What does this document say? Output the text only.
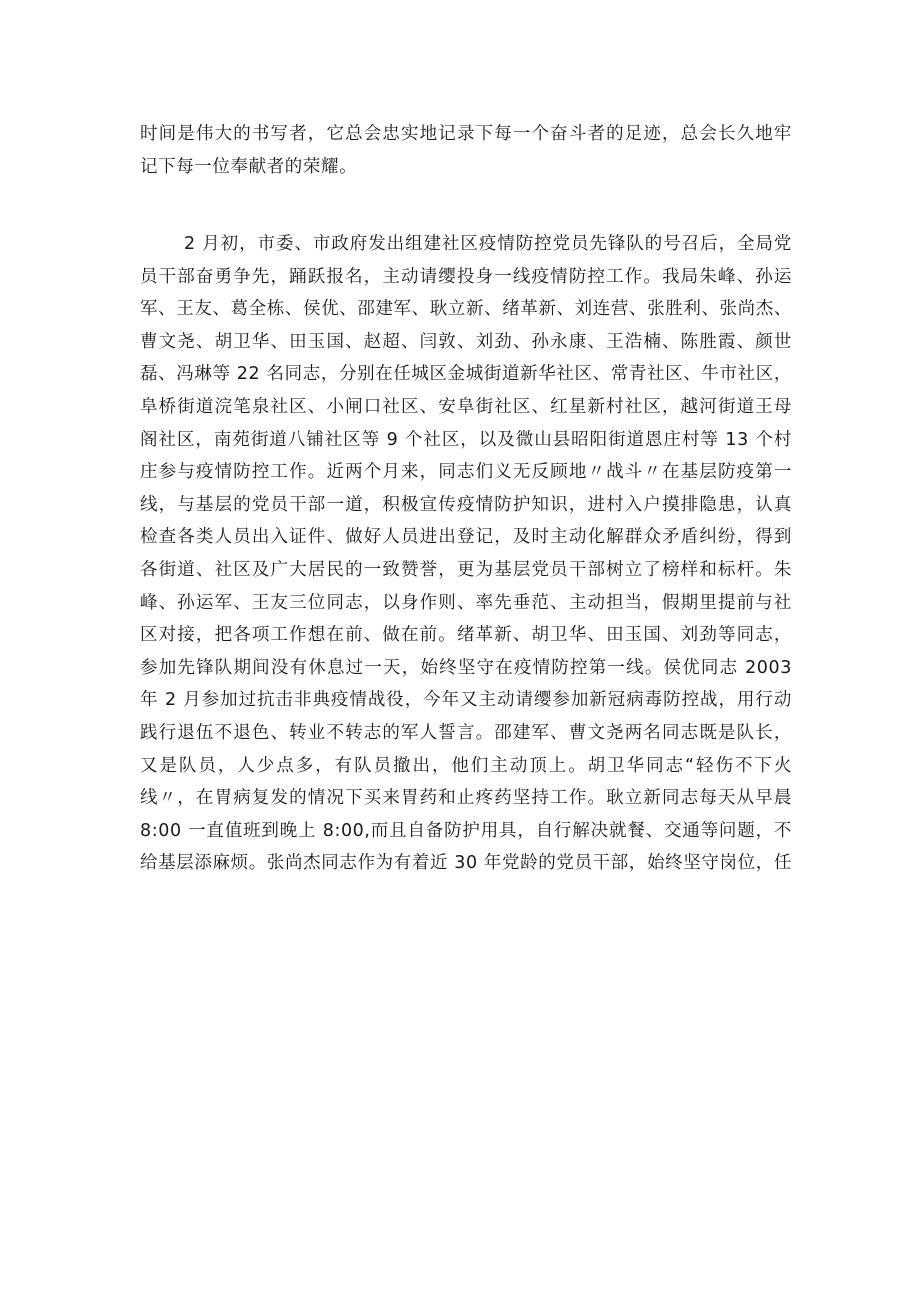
时间是伟大的书写者，它总会忠实地记录下每一个奋斗者的足迹，总会长久地牢
记下每一位奉献者的荣耀。
2 月初，市委、市政府发出组建社区疫情防控党员先锋队的号召后，全局党
员干部奋勇争先，踊跃报名，主动请缨投身一线疫情防控工作。我局朱峰、孙运
军、王友、葛全栋、侯优、邵建军、耿立新、绪革新、刘连营、张胜利、张尚杰、
曹文尧、胡卫华、田玉国、赵超、闫敦、刘劲、孙永康、王浩楠、陈胜霞、颜世
磊、冯琳等 22 名同志，分别在任城区金城街道新华社区、常青社区、牛市社区，
阜桥街道浣笔泉社区、小闸口社区、安阜街社区、红星新村社区，越河街道王母
阁社区，南苑街道八铺社区等 9 个社区，以及微山县昭阳街道恩庄村等 13 个村
庄参与疫情防控工作。近两个月来，同志们义无反顾地〃战斗〃在基层防疫第一
线，与基层的党员干部一道，积极宣传疫情防护知识，进村入户摸排隐患，认真
检查各类人员出入证件、做好人员进出登记，及时主动化解群众矛盾纠纷，得到
各街道、社区及广大居民的一致赞誉，更为基层党员干部树立了榜样和标杆。朱
峰、孙运军、王友三位同志，以身作则、率先垂范、主动担当，假期里提前与社
区对接，把各项工作想在前、做在前。绪革新、胡卫华、田玉国、刘劲等同志，
参加先锋队期间没有休息过一天，始终坚守在疫情防控第一线。侯优同志 2003
年 2 月参加过抗击非典疫情战役，今年又主动请缨参加新冠病毒防控战，用行动
践行退伍不退色、转业不转志的军人誓言。邵建军、曹文尧两名同志既是队长，
又是队员，人少点多，有队员撤出，他们主动顶上。胡卫华同志“轻伤不下火
线〃，在胃病复发的情况下买来胃药和止疼药坚持工作。耿立新同志每天从早晨
8:00 一直值班到晚上 8:00,而且自备防护用具，自行解决就餐、交通等问题，不
给基层添麻烦。张尚杰同志作为有着近 30 年党龄的党员干部，始终坚守岗位，任
